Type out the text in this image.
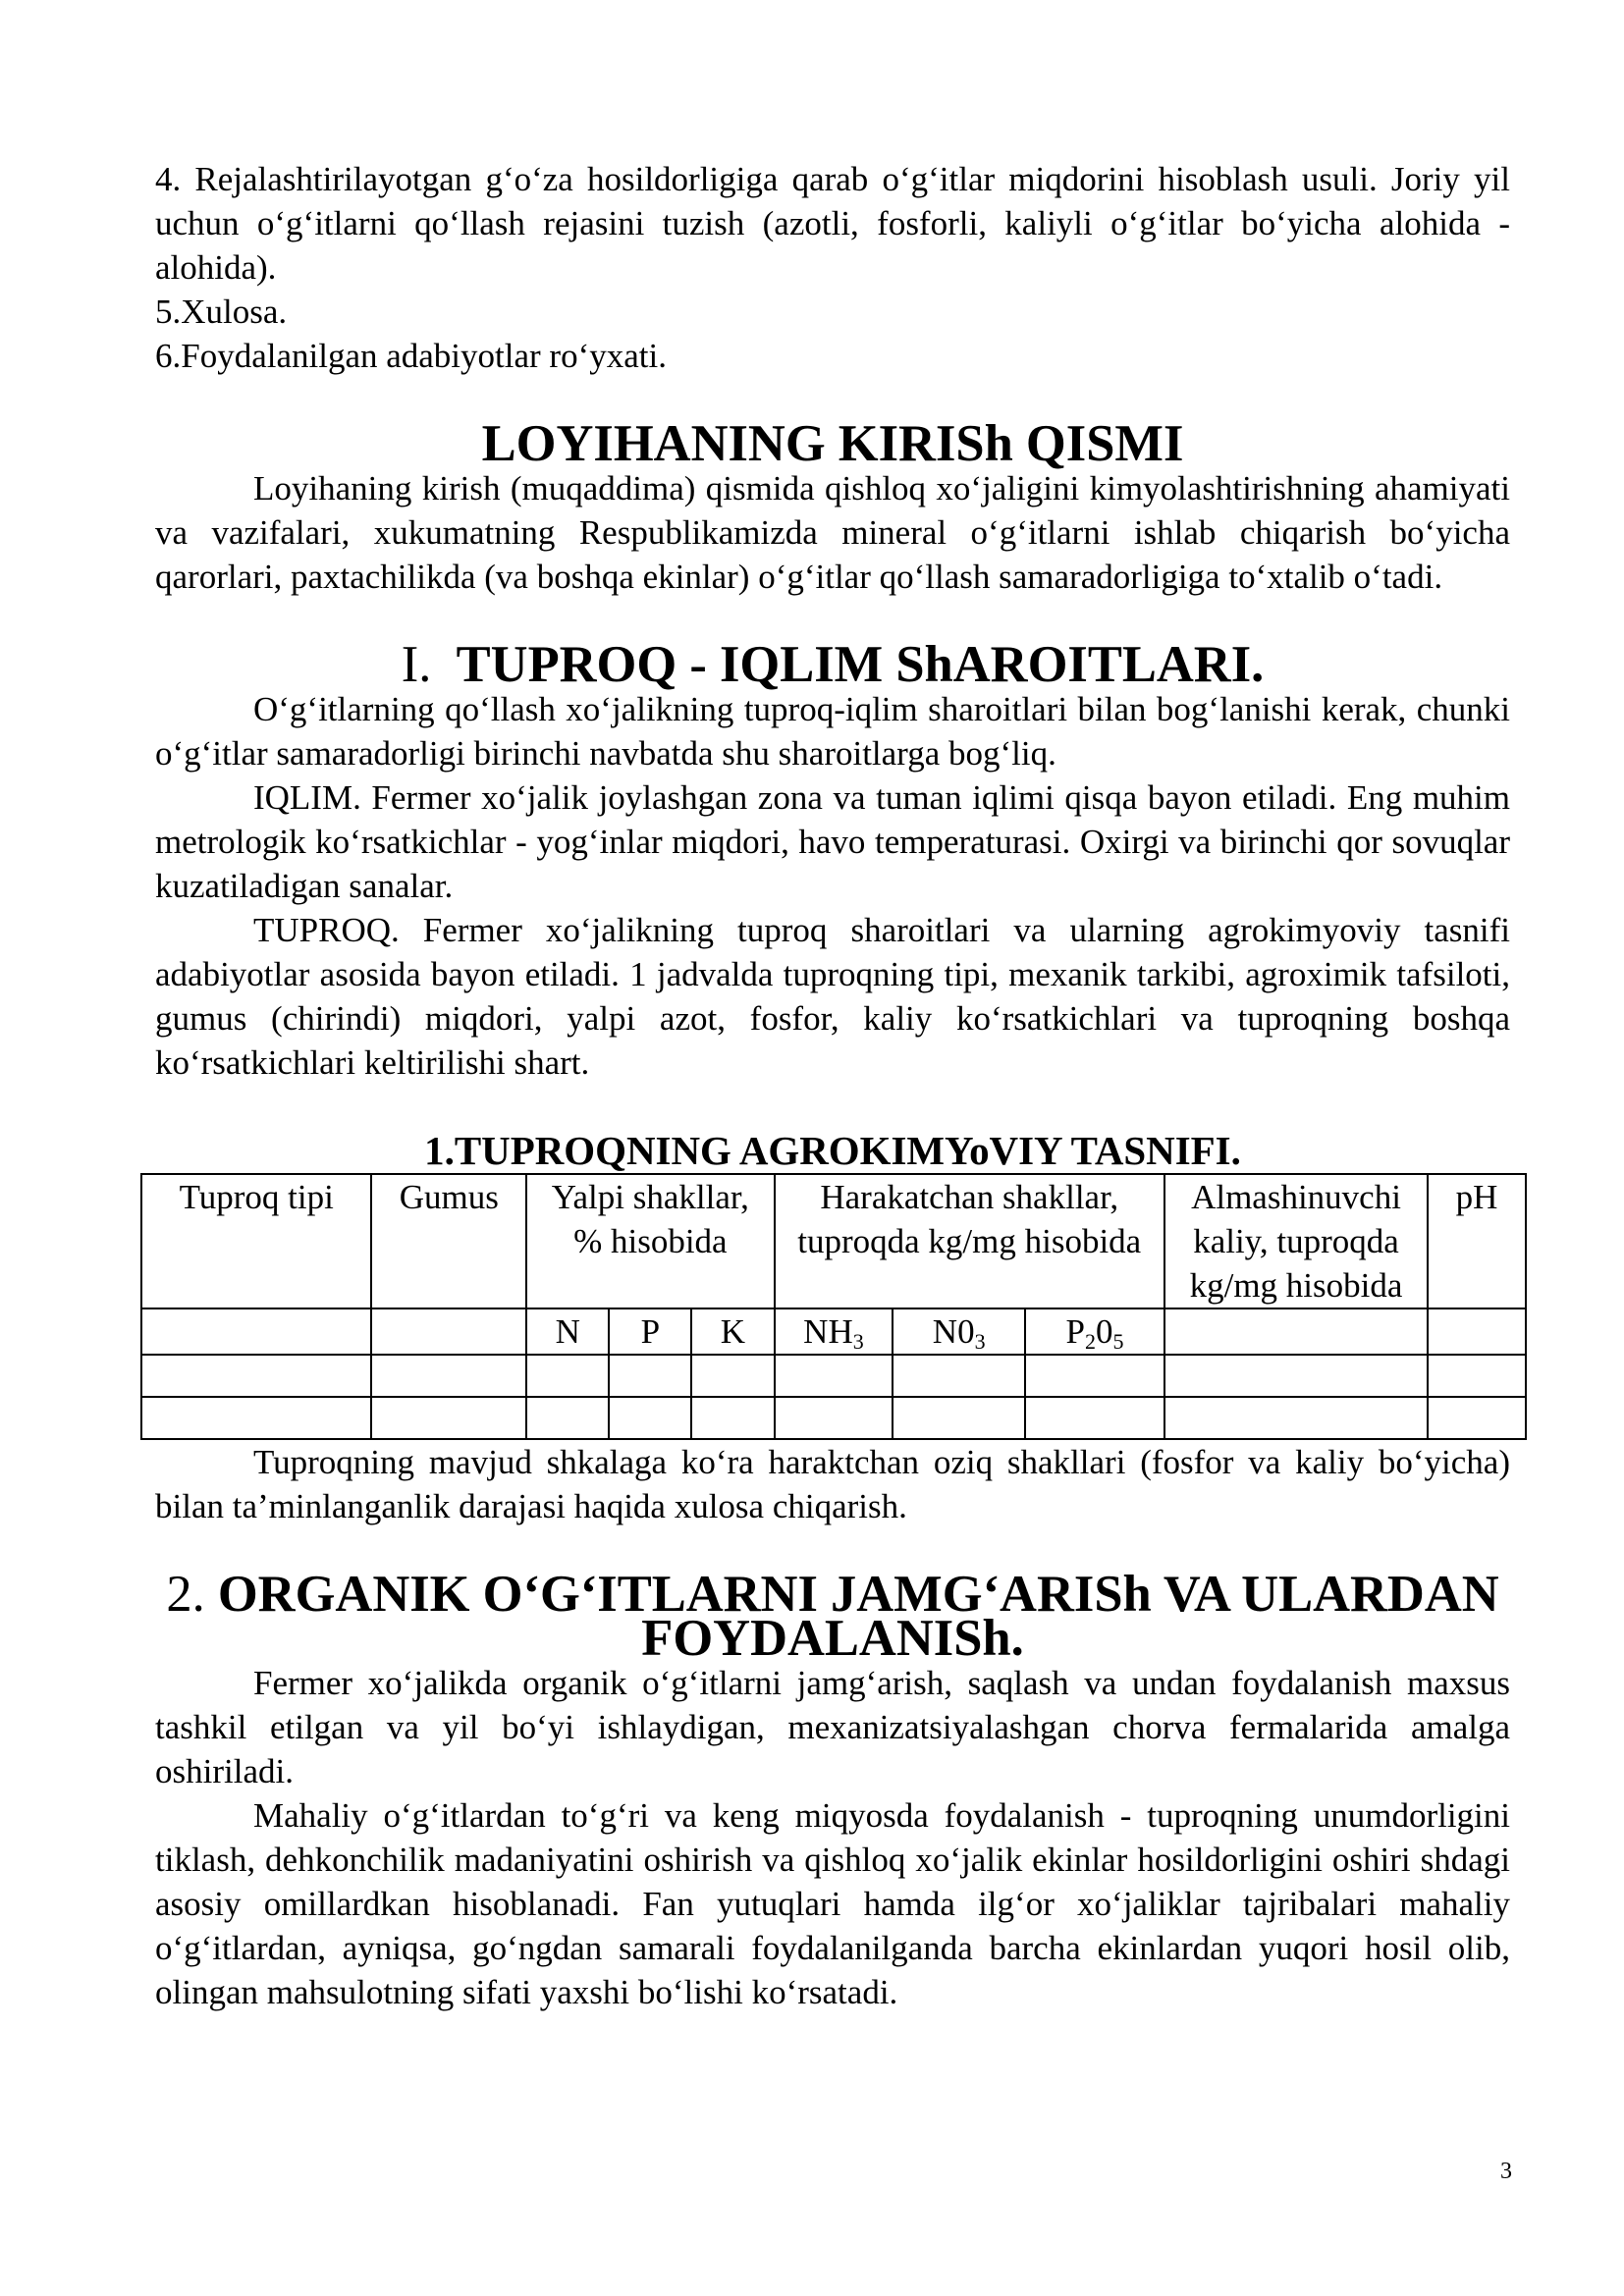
4. Rejalashtirilayotgan g‘o‘za hosildorligiga qarab o‘g‘itlar miqdorini hisoblash usuli. Joriy yil uchun o‘g‘itlarni qo‘llash rejasini tuzish (azotli, fosforli, kaliyli o‘g‘itlar bo‘yicha alohida - alohida).

5.Xulosa.

6.Foydalanilgan adabiyotlar ro‘yxati.

LOYIHANING KIRISh QISMI

Loyihaning kirish (muqaddima) qismida qishloq xo‘jaligini kimyolashtirishning ahamiyati va vazifalari, xukumatning Respublikamizda mineral o‘g‘itlarni ishlab chiqarish bo‘yicha qarorlari, paxtachilikda (va boshqa ekinlar) o‘g‘itlar qo‘llash samaradorligiga to‘xtalib o‘tadi.

I. TUPROQ - IQLIM ShAROITLARI.

O‘g‘itlarning qo‘llash xo‘jalikning tuproq-iqlim sharoitlari bilan bog‘lanishi kerak, chunki o‘g‘itlar samaradorligi birinchi navbatda shu sharoitlarga bog‘liq.

IQLIM. Fermer xo‘jalik joylashgan zona va tuman iqlimi qisqa bayon etiladi. Eng muhim metrologik ko‘rsatkichlar - yog‘inlar miqdori, havo temperaturasi. Oxirgi va birinchi qor sovuqlar kuzatiladigan sanalar.

TUPROQ. Fermer xo‘jalikning tuproq sharoitlari va ularning agrokimyoviy tasnifi adabiyotlar asosida bayon etiladi. 1 jadvalda tuproqning tipi, mexanik tarkibi, agroximik tafsiloti, gumus (chirindi) miqdori, yalpi azot, fosfor, kaliy ko‘rsatkichlari va tuproqning boshqa ko‘rsatkichlari keltirilishi shart.

1.TUPROQNING AGROKIMYoVIY TASNIFI.
Tuproq tipi	Gumus	Yalpi shakllar, % hisobida			Harakatchan shakllar, tuproqda kg/mg hisobida			Almashinuvchi kaliy, tuproqda kg/mg hisobida	pH
		N	P	K	$NH_3$	$N0_3$	$P_20_5$		

Tuproqning mavjud shkalaga ko‘ra haraktchan oziq shakllari (fosfor va kaliy bo‘yicha) bilan ta’minlanganlik darajasi haqida xulosa chiqarish.

2. ORGANIK O‘G‘ITLARNI JAMG‘ARISh VA ULARDAN FOYDALANISh.

Fermer xo‘jalikda organik o‘g‘itlarni jamg‘arish, saqlash va undan foydalanish maxsus tashkil etilgan va yil bo‘yi ishlaydigan, mexanizatsiyalashgan chorva fermalarida amalga oshiriladi.

Mahaliy o‘g‘itlardan to‘g‘ri va keng miqyosda foydalanish - tuproqning unumdorligini tiklash, dehkonchilik madaniyatini oshirish va qishloq xo‘jalik ekinlar hosildorligini oshiri shdagi asosiy omillardkan hisoblanadi. Fan yutuqlari hamda ilg‘or xo‘jaliklar tajribalari mahaliy o‘g‘itlardan, ayniqsa, go‘ngdan samarali foydalanilganda barcha ekinlardan yuqori hosil olib, olingan mahsulotning sifati yaxshi bo‘lishi ko‘rsatadi.

3
